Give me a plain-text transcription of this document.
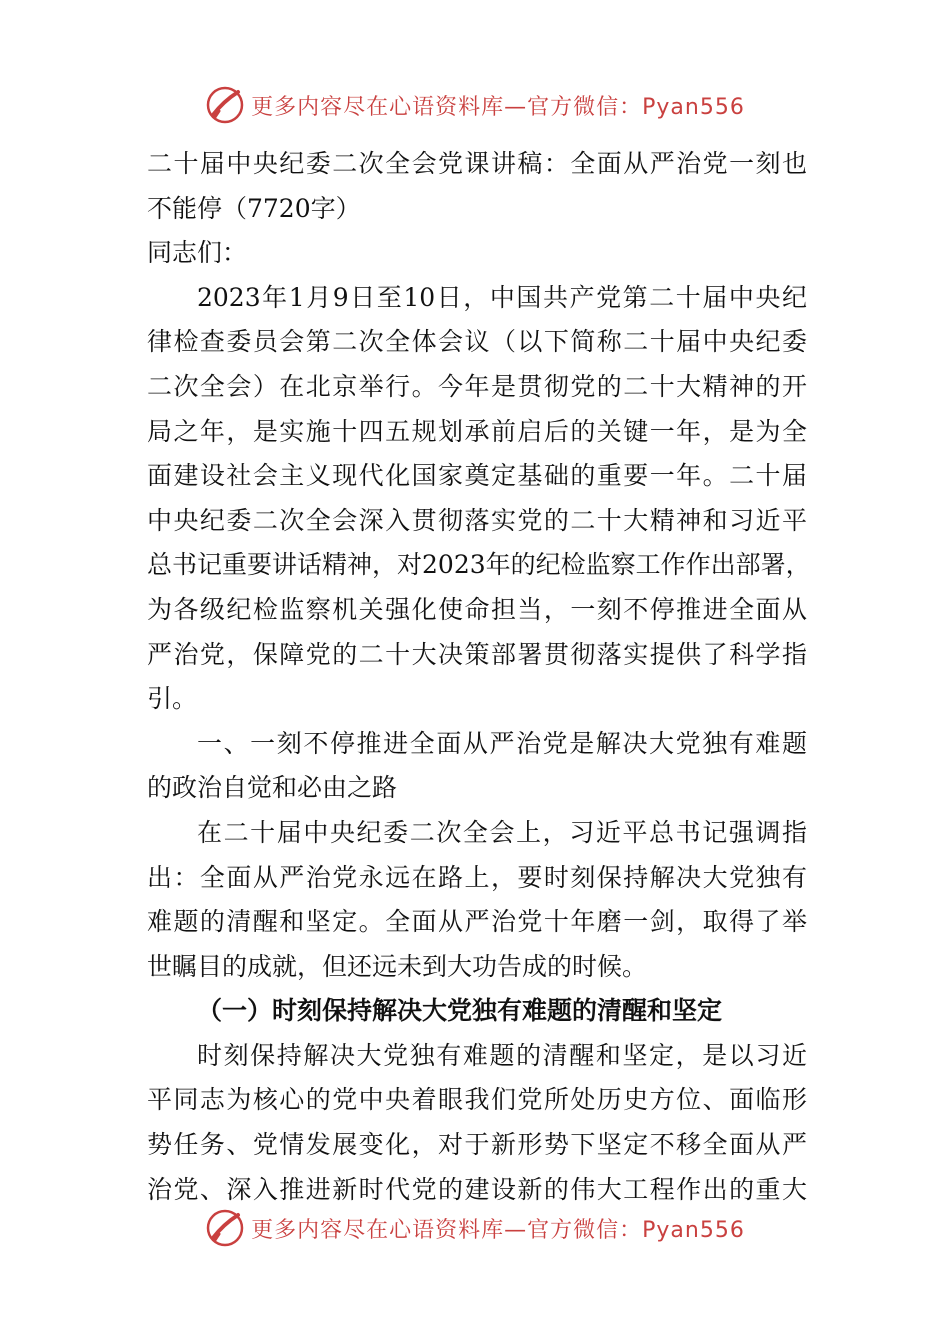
更多内容尽在心语资料库—官方微信：Pyan556
二十届中央纪委二次全会党课讲稿：全面从严治党一刻也
不能停（7720字）
同志们：
2023年1月9日至10日，中国共产党第二十届中央纪
律检查委员会第二次全体会议（以下简称二十届中央纪委
二次全会）在北京举行。今年是贯彻党的二十大精神的开
局之年，是实施十四五规划承前启后的关键一年，是为全
面建设社会主义现代化国家奠定基础的重要一年。二十届
中央纪委二次全会深入贯彻落实党的二十大精神和习近平
总书记重要讲话精神，对2023年的纪检监察工作作出部署，
为各级纪检监察机关强化使命担当，一刻不停推进全面从
严治党，保障党的二十大决策部署贯彻落实提供了科学指
引。
一、一刻不停推进全面从严治党是解决大党独有难题
的政治自觉和必由之路
在二十届中央纪委二次全会上，习近平总书记强调指
出：全面从严治党永远在路上，要时刻保持解决大党独有
难题的清醒和坚定。全面从严治党十年磨一剑，取得了举
世瞩目的成就，但还远未到大功告成的时候。
（一）时刻保持解决大党独有难题的清醒和坚定
时刻保持解决大党独有难题的清醒和坚定，是以习近
平同志为核心的党中央着眼我们党所处历史方位、面临形
势任务、党情发展变化，对于新形势下坚定不移全面从严
治党、深入推进新时代党的建设新的伟大工程作出的重大
更多内容尽在心语资料库—官方微信：Pyan556
